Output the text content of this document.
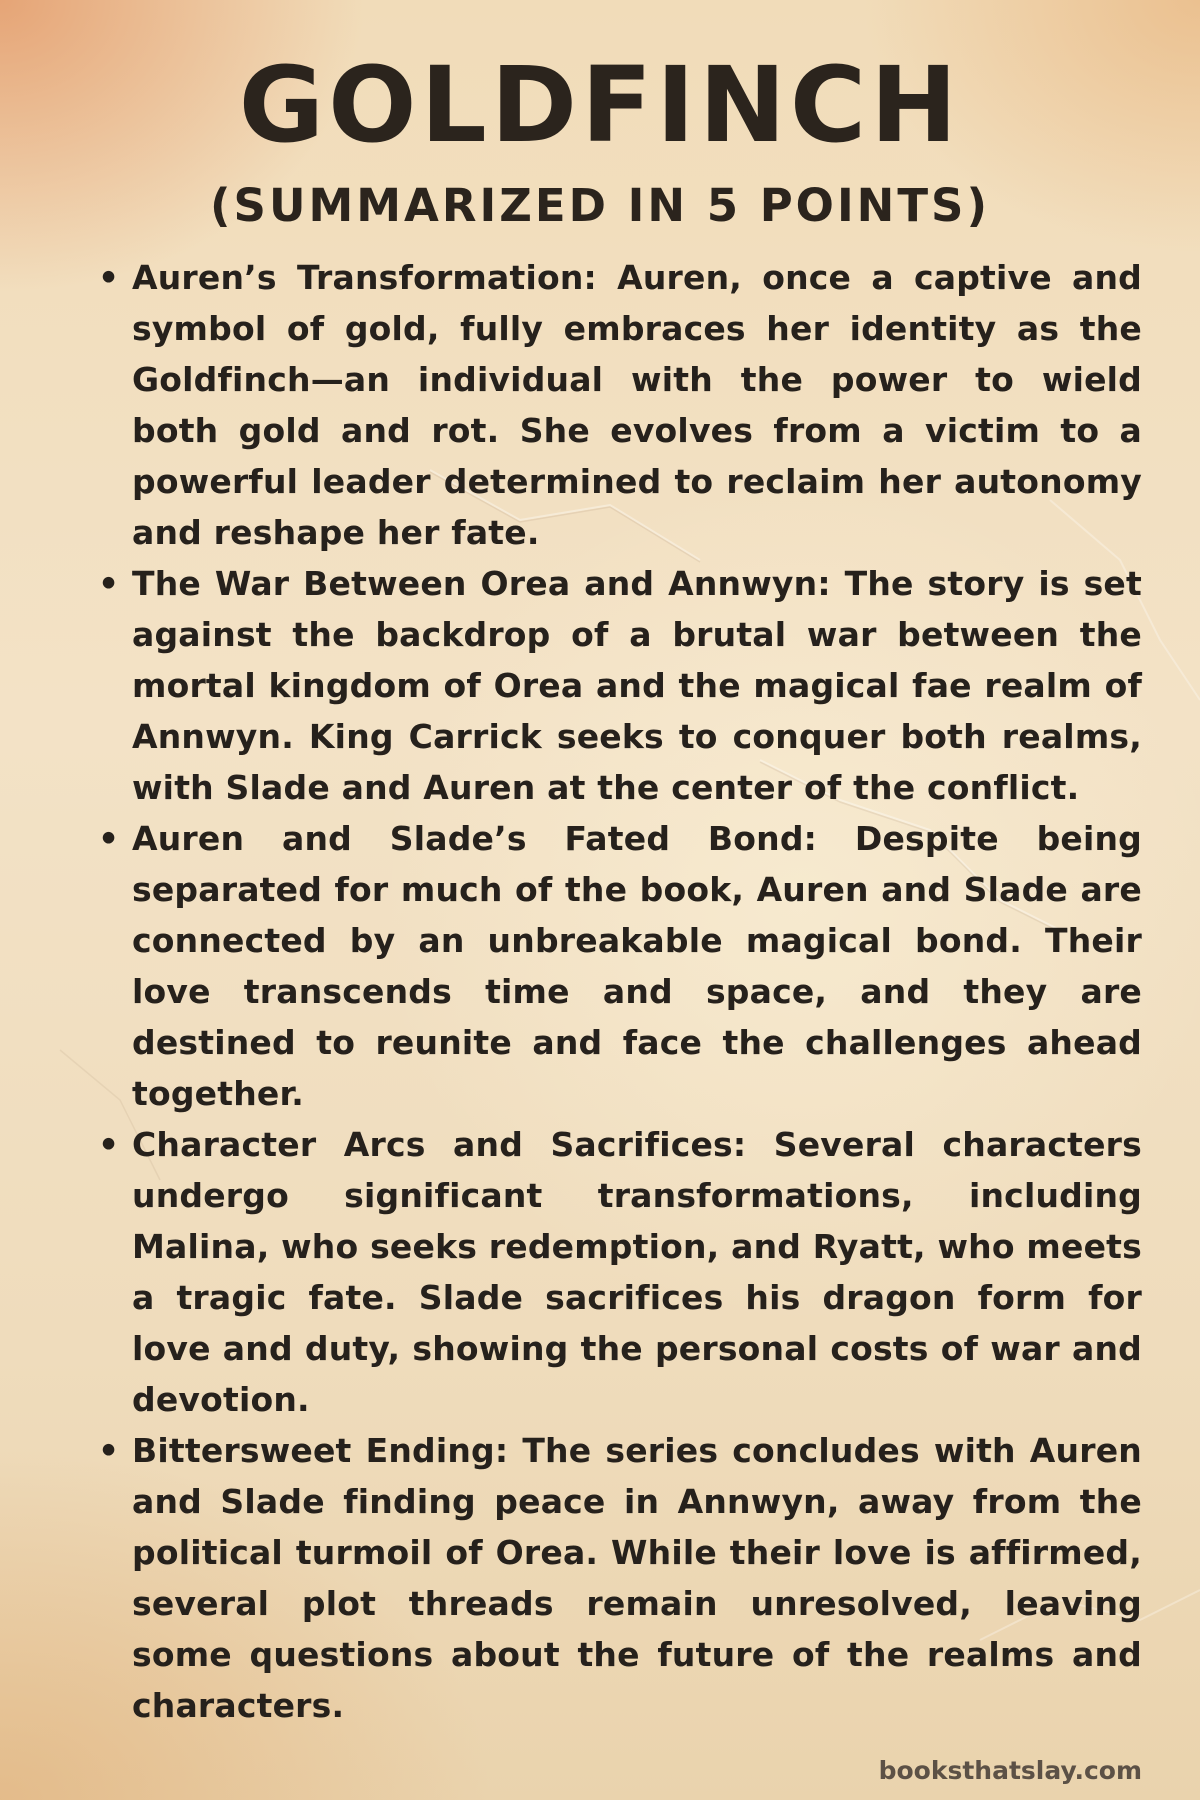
GOLDFINCH
(SUMMARIZED IN 5 POINTS)
• Auren’s Transformation: Auren, once a captive and symbol of gold, fully embraces her identity as the Goldfinch—an individual with the power to wield both gold and rot. She evolves from a victim to a powerful leader determined to reclaim her autonomy and reshape her fate.
• The War Between Orea and Annwyn: The story is set against the backdrop of a brutal war between the mortal kingdom of Orea and the magical fae realm of Annwyn. King Carrick seeks to conquer both realms, with Slade and Auren at the center of the conflict.
• Auren and Slade’s Fated Bond: Despite being separated for much of the book, Auren and Slade are connected by an unbreakable magical bond. Their love transcends time and space, and they are destined to reunite and face the challenges ahead together.
• Character Arcs and Sacrifices: Several characters undergo significant transformations, including Malina, who seeks redemption, and Ryatt, who meets a tragic fate. Slade sacrifices his dragon form for love and duty, showing the personal costs of war and devotion.
• Bittersweet Ending: The series concludes with Auren and Slade finding peace in Annwyn, away from the political turmoil of Orea. While their love is affirmed, several plot threads remain unresolved, leaving some questions about the future of the realms and characters.
booksthatslay.com
